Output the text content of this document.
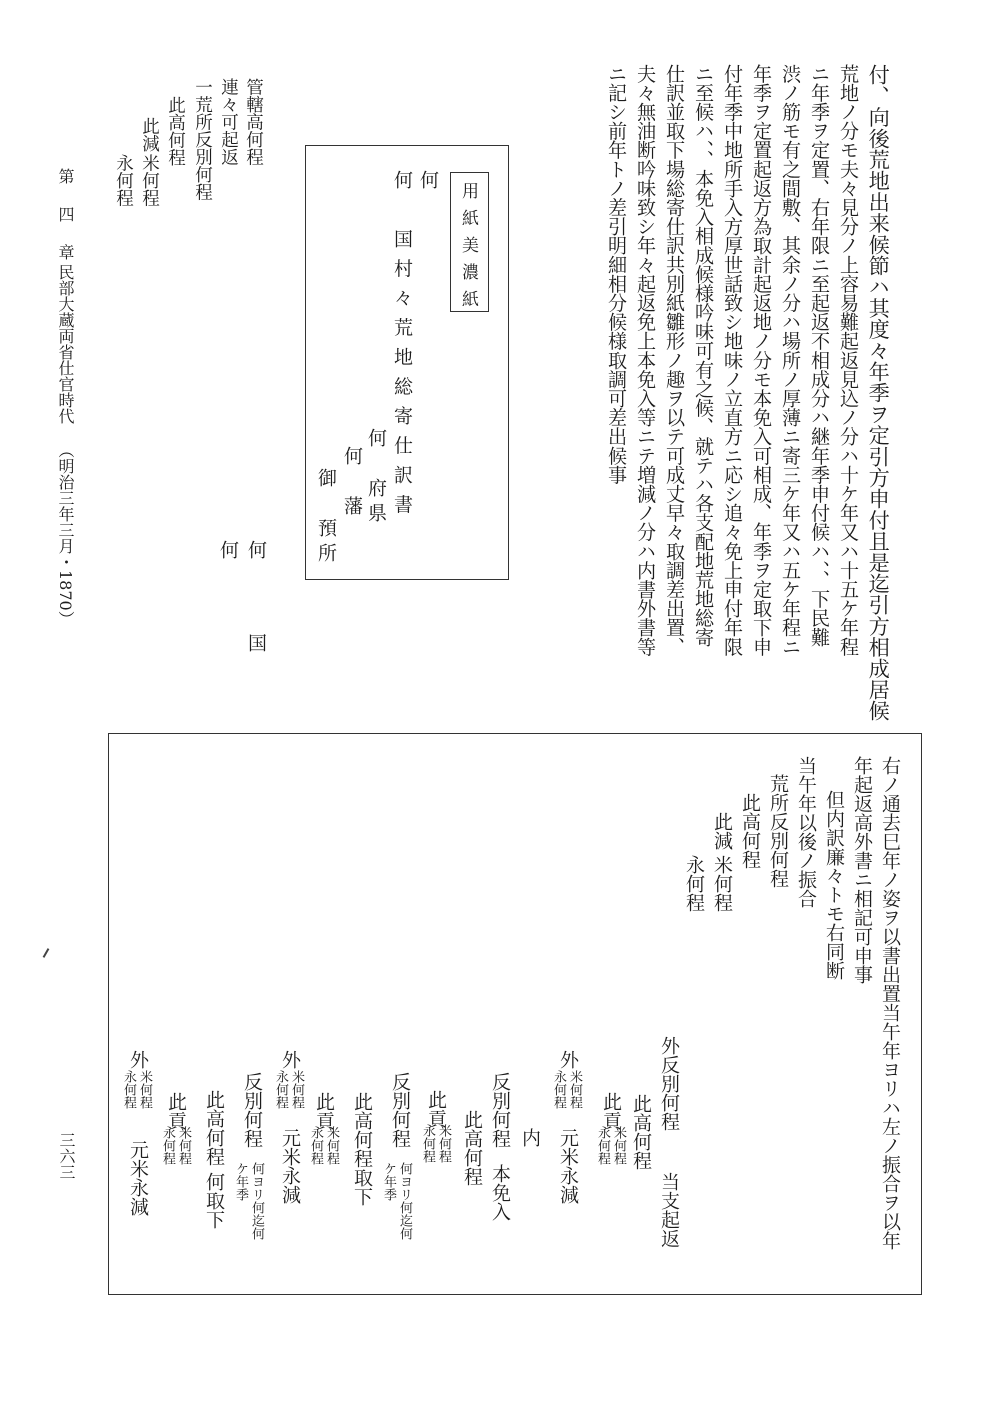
付、向後荒地出来候節ハ其度々年季ヲ定引方申付且是迄引方相成居候
荒地ノ分モ夫々見分ノ上容易難起返見込ノ分ハ十ケ年又ハ十五ケ年程
ニ年季ヲ定置、右年限ニ至起返不相成分ハ継年季申付候ハ、、下民難
渋ノ筋モ有之間敷、其余ノ分ハ場所ノ厚薄ニ寄三ケ年又ハ五ケ年程ニ
年季ヲ定置起返方為取計起返地ノ分モ本免入可相成、年季ヲ定取下申
付年季中地所手入方厚世話致シ地味ノ立直方ニ応シ追々免上申付年限
ニ至候ハ、、本免入相成候様吟味可有之候、就テハ各支配地荒地総寄
仕訳並取下場総寄仕訳共別紙雛形ノ趣ヲ以テ可成丈早々取調差出置、
夫々無油断吟味致シ年々起返免上本免入等ニテ増減ノ分ハ内書外書等
ニ記シ前年トノ差引明細相分候様取調可差出候事
用紙美濃紙
何
何　国村々荒地総寄仕訳書
何　府県
何　藩
御　預所
何　　国
何
管轄高何程
連々可起返
一荒所反別何程
此高何程
此減
米何程
永何程
第　四　章
民部大蔵両省仕官時代
（明治三年三月・1870）
右ノ通去巳年ノ姿ヲ以書出置当午年ヨリハ左ノ振合ヲ以年
年起返高外書ニ相記可申事
但内訳廉々トモ右同断
当午年以後ノ振合
荒所反別何程
此高何程
此減
米何程
永何程
外反別何程
当支起返
此高何程
此貢
米何程
永何程
外
米何程
永何程
元米永減
内
反別何程
本免入
此高何程
此貢
米何程
永何程
反別何程
何ヨリ何迄何
ケ年季
此高何程
取下
此貢
米何程
永何程
外
米何程
永何程
元米永減
反別何程
何ヨリ何迄何
ケ年季
此高何程
何取下
此貢
米何程
永何程
外
米何程
永何程
元米永減
三六三
